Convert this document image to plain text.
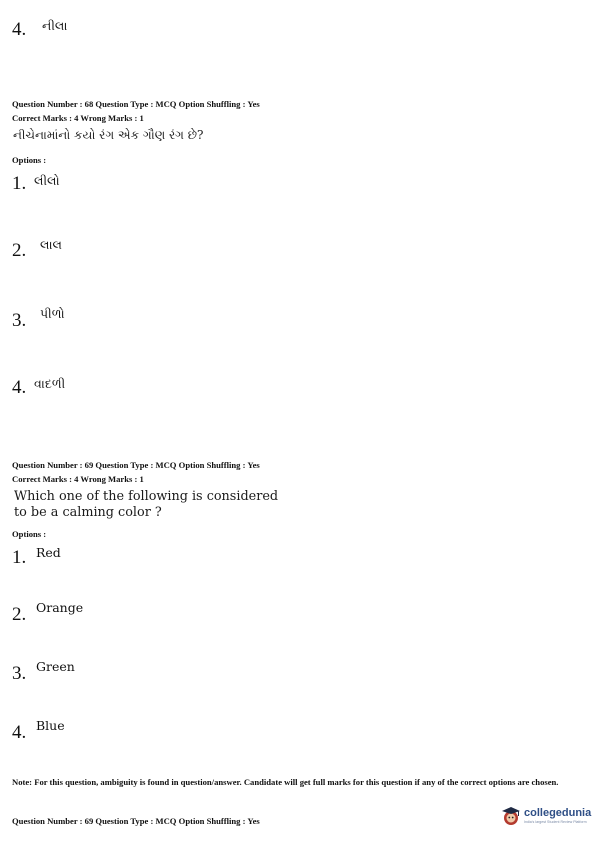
4. નીલા
Question Number : 68 Question Type : MCQ Option Shuffling : Yes
Correct Marks : 4 Wrong Marks : 1
નીચેનામાંનો કયો રંગ એક ગૌણ રંગ છે?
Options :
1. લીલો
2. લાલ
3. પીળો
4. વાદળી
Question Number : 69 Question Type : MCQ Option Shuffling : Yes
Correct Marks : 4 Wrong Marks : 1
Which one of the following is considered
to be a calming color ?
Options :
1. Red
2. Orange
3. Green
4. Blue
Note: For this question, ambiguity is found in question/answer. Candidate will get full marks for this question if any of the correct options are chosen.
Question Number : 69 Question Type : MCQ Option Shuffling : Yes
collegedunia
India's largest Student Review Platform
